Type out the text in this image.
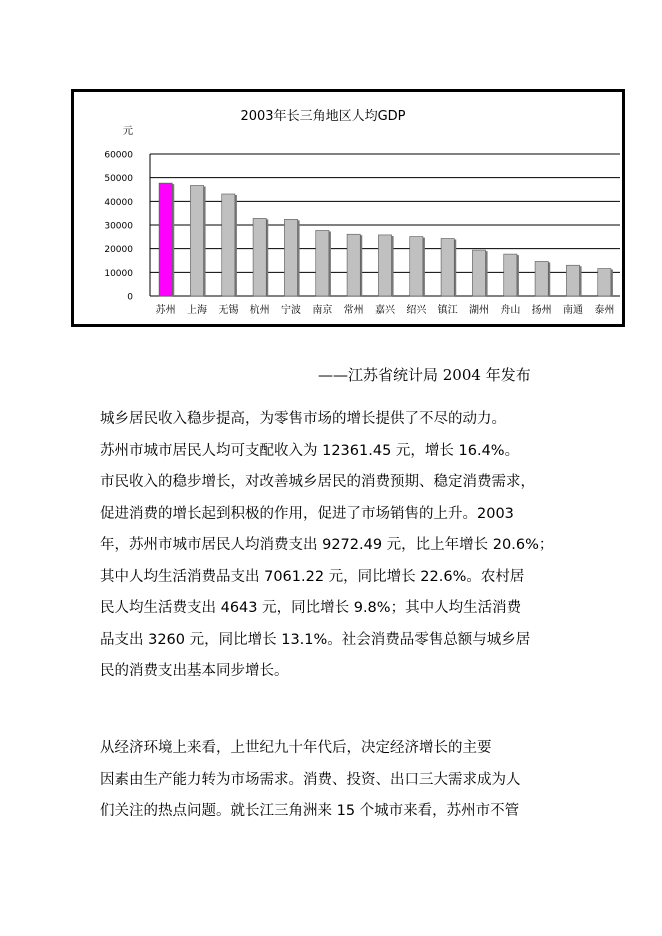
2003年长三角地区人均GDP
元
0
10000
20000
30000
40000
50000
60000
苏州 上海 无锡 杭州 宁波 南京 常州 嘉兴 绍兴 镇江 湖州 舟山 扬州 南通 泰州
——江苏省统计局 2004 年发布
城乡居民收入稳步提高，为零售市场的增长提供了不尽的动力。
苏州市城市居民人均可支配收入为 12361.45 元，增长 16.4%。
市民收入的稳步增长，对改善城乡居民的消费预期、稳定消费需求，
促进消费的增长起到积极的作用，促进了市场销售的上升。2003
年，苏州市城市居民人均消费支出 9272.49 元，比上年增长 20.6%；
其中人均生活消费品支出 7061.22 元，同比增长 22.6%。农村居
民人均生活费支出 4643 元，同比增长 9.8%；其中人均生活消费
品支出 3260 元，同比增长 13.1%。社会消费品零售总额与城乡居
民的消费支出基本同步增长。
从经济环境上来看，上世纪九十年代后，决定经济增长的主要
因素由生产能力转为市场需求。消费、投资、出口三大需求成为人
们关注的热点问题。就长江三角洲来 15 个城市来看，苏州市不管
